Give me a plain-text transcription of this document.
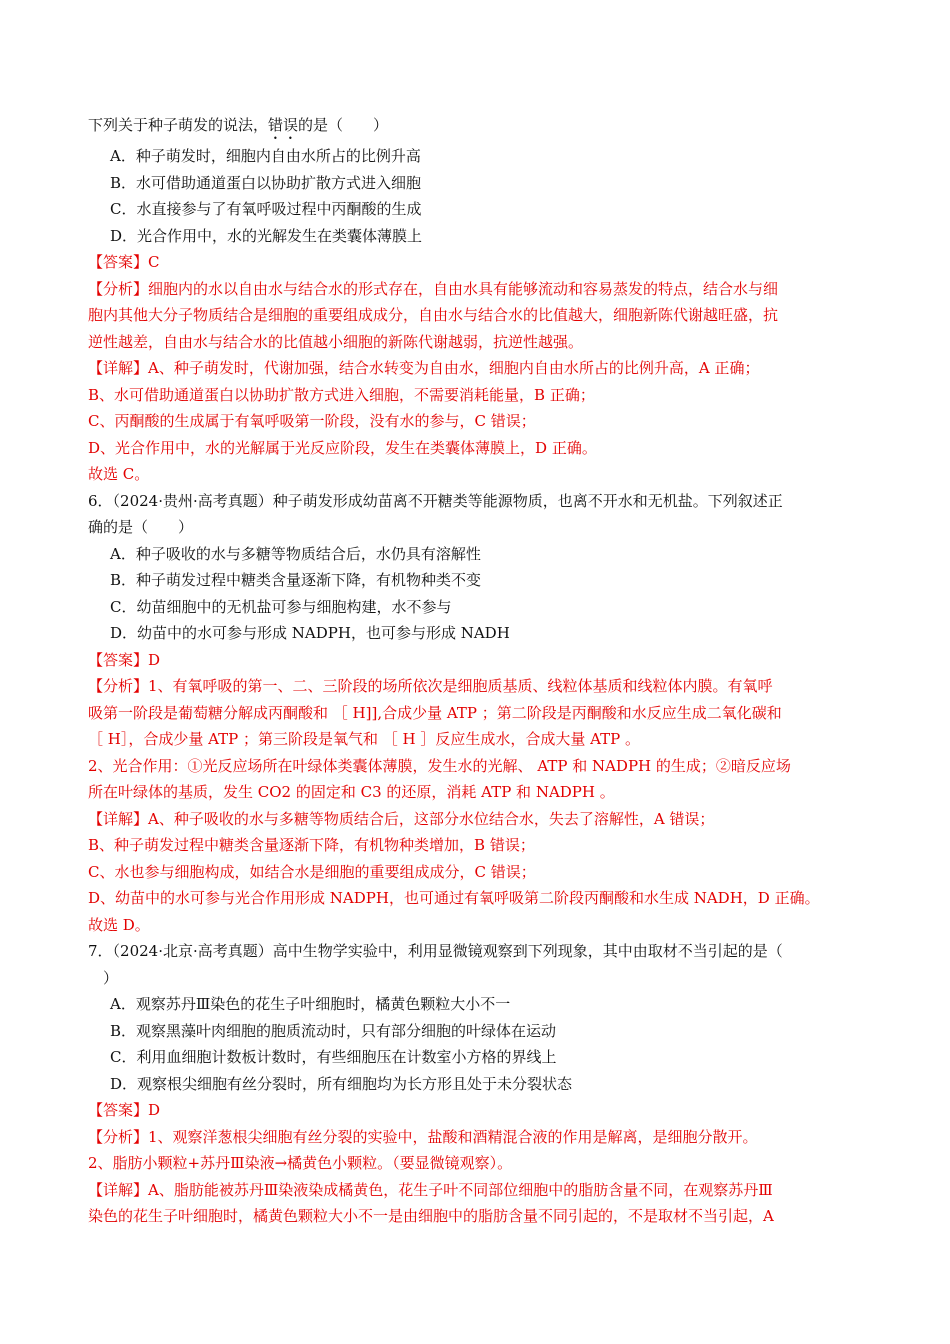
下列关于种子萌发的说法，错误的是（　　）
A．种子萌发时，细胞内自由水所占的比例升高
B．水可借助通道蛋白以协助扩散方式进入细胞
C．水直接参与了有氧呼吸过程中丙酮酸的生成
D．光合作用中，水的光解发生在类囊体薄膜上
【答案】C
【分析】细胞内的水以自由水与结合水的形式存在，自由水具有能够流动和容易蒸发的特点，结合水与细
胞内其他大分子物质结合是细胞的重要组成成分，自由水与结合水的比值越大，细胞新陈代谢越旺盛，抗
逆性越差，自由水与结合水的比值越小细胞的新陈代谢越弱，抗逆性越强。
【详解】A、种子萌发时，代谢加强，结合水转变为自由水，细胞内自由水所占的比例升高，A 正确；
B、水可借助通道蛋白以协助扩散方式进入细胞，不需要消耗能量，B 正确；
C、丙酮酸的生成属于有氧呼吸第一阶段，没有水的参与，C 错误；
D、光合作用中，水的光解属于光反应阶段，发生在类囊体薄膜上，D 正确。
故选 C。
6．（2024·贵州·高考真题）种子萌发形成幼苗离不开糖类等能源物质，也离不开水和无机盐。下列叙述正
确的是（　　）
A．种子吸收的水与多糖等物质结合后，水仍具有溶解性
B．种子萌发过程中糖类含量逐渐下降，有机物种类不变
C．幼苗细胞中的无机盐可参与细胞构建，水不参与
D．幼苗中的水可参与形成 NADPH，也可参与形成 NADH
【答案】D
【分析】1、有氧呼吸的第一、二、三阶段的场所依次是细胞质基质、线粒体基质和线粒体内膜。有氧呼
吸第一阶段是葡萄糖分解成丙酮酸和 ［ H]],合成少量 ATP ；第二阶段是丙酮酸和水反应生成二氧化碳和
［ H］，合成少量 ATP ；第三阶段是氧气和 ［ H ］反应生成水，合成大量 ATP 。
2、光合作用：①光反应场所在叶绿体类囊体薄膜，发生水的光解、 ATP 和 NADPH 的生成；②暗反应场
所在叶绿体的基质，发生 CO2 的固定和 C3 的还原，消耗 ATP 和 NADPH 。
【详解】A、种子吸收的水与多糖等物质结合后，这部分水位结合水，失去了溶解性，A 错误；
B、种子萌发过程中糖类含量逐渐下降，有机物种类增加，B 错误；
C、水也参与细胞构成，如结合水是细胞的重要组成成分，C 错误；
D、幼苗中的水可参与光合作用形成 NADPH，也可通过有氧呼吸第二阶段丙酮酸和水生成 NADH，D 正确。
故选 D。
7．（2024·北京·高考真题）高中生物学实验中，利用显微镜观察到下列现象，其中由取材不当引起的是（
　）
A．观察苏丹Ⅲ染色的花生子叶细胞时，橘黄色颗粒大小不一
B．观察黑藻叶肉细胞的胞质流动时，只有部分细胞的叶绿体在运动
C．利用血细胞计数板计数时，有些细胞压在计数室小方格的界线上
D．观察根尖细胞有丝分裂时，所有细胞均为长方形且处于未分裂状态
【答案】D
【分析】1、观察洋葱根尖细胞有丝分裂的实验中，盐酸和酒精混合液的作用是解离，是细胞分散开。
2、脂肪小颗粒+苏丹Ⅲ染液→橘黄色小颗粒。（要显微镜观察）。
【详解】A、脂肪能被苏丹Ⅲ染液染成橘黄色，花生子叶不同部位细胞中的脂肪含量不同，在观察苏丹Ⅲ
染色的花生子叶细胞时，橘黄色颗粒大小不一是由细胞中的脂肪含量不同引起的，不是取材不当引起，A
